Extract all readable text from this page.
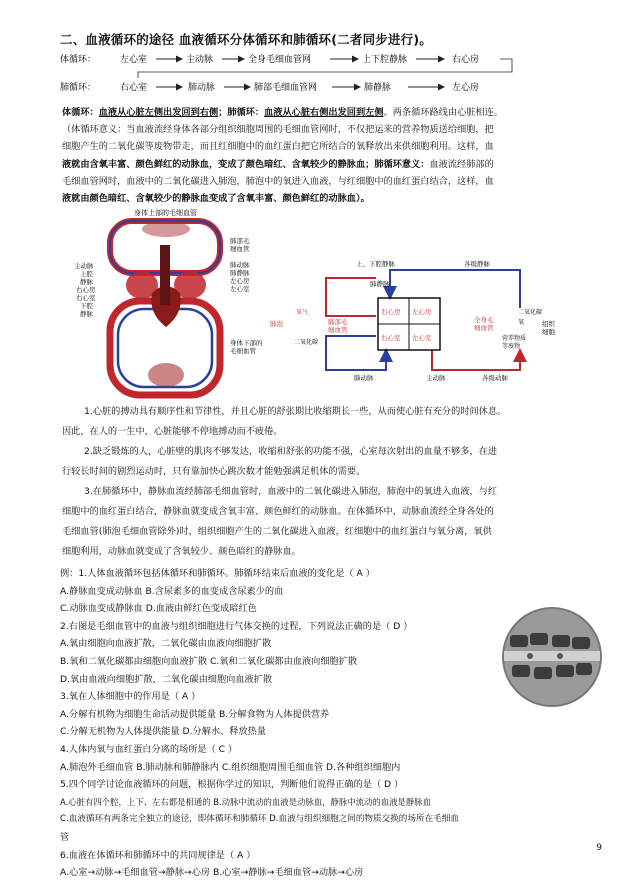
二、血液循环的途径 血液循环分体循环和肺循环(二者同步进行)。
体循环：	左心室	主动脉	全身毛细血管网	上下腔静脉	右心房
肺循环：	右心室	肺动脉	肺部毛细血管网	肺静脉	左心房
体循环：血液从心脏左侧出发回到右侧；肺循环：血液从心脏右侧出发回到左侧。两条循环路线由心脏相连。
（体循环意义：当血液流经身体各部分组织细胞周围的毛细血管网时，不仅把运来的营养物质送给细胞，把
细胞产生的二氧化碳等废物带走，而且红细胞中的血红蛋白把它所结合的氧释放出来供细胞利用。这样，血
液就由含氧丰富、颜色鲜红的动脉血，变成了颜色暗红、含氧较少的静脉血；肺循环意义：血液流经肺部的
毛细血管网时，血液中的二氧化碳进入肺泡，肺泡中的氧进入血液，与红细胞中的血红蛋白结合，这样，血
液就由颜色暗红、含氧较少的静脉血变成了含氧丰富、颜色鲜红的动脉血）。
身体上部的毛细血管
主动脉
上腔
静脉
右心房
右心室
下腔
静脉
肺部毛
细血管
肺动脉
肺静脉
左心房
左心室
身体下部的
毛细血管
上、下腔静脉	各级静脉
肺静脉
肺动脉	主动脉	各级动脉
右心房 左心房
右心室 左心室
肺部毛
细血管
肺泡
氧气
二氧化碳
全身毛
细血管
二氧化碳
氧	组织
细胞
营养物质
等废物
1.心脏的搏动具有顺序性和节律性，并且心脏的舒张期比收缩期长一些，从而使心脏有充分的时间休息。
因此，在人的一生中，心脏能够不停地搏动而不疲倦。
2.缺乏锻炼的人，心脏壁的肌肉不够发达，收缩和舒张的功能不强，心室每次射出的血量不够多，在进
行较长时间的剧烈运动时，只有靠加快心跳次数才能勉强满足机体的需要。
3.在肺循环中，静脉血流经肺部毛细血管时，血液中的二氧化碳进入肺泡，肺泡中的氧进入血液，与红
细胞中的血红蛋白结合，静脉血就变成含氧丰富、颜色鲜红的动脉血。在体循环中，动脉血流经全身各处的
毛细血管(肺泡毛细血管除外)时，组织细胞产生的二氧化碳进入血液，红细胞中的血红蛋白与氧分离，氧供
细胞利用，动脉血就变成了含氧较少、颜色暗红的静脉血。
例：1.人体血液循环包括体循环和肺循环。肺循环结束后血液的变化是（ A ）
A.静脉血变成动脉血 B.含尿素多的血变成含尿素少的血
C.动脉血变成静脉血 D.血液由鲜红色变成暗红色
2.右图是毛细血管中的血液与组织细胞进行气体交换的过程，下列说法正确的是（ D ）
A.氧由细胞向血液扩散，二氧化碳由血液向细胞扩散
B.氧和二氧化碳都由细胞向血液扩散 C.氧和二氧化碳都由血液向细胞扩散
D.氧由血液向细胞扩散，二氧化碳由细胞向血液扩散
3.氧在人体细胞中的作用是（ A ）
A.分解有机物为细胞生命活动提供能量 B.分解食物为人体提供营养
C.分解无机物为人体提供能量 D.分解水、释放热量
4.人体内氧与血红蛋白分离的场所是（ C ）
A.肺泡外毛细血管 B.肺动脉和肺静脉内 C.组织细胞周围毛细血管 D.各种组织细胞内
5.四个同学讨论血液循环的问题，根据你学过的知识，判断他们说得正确的是（ D ）
A.心脏有四个腔，上下、左右都是相通的 B.动脉中流动的血液是动脉血，静脉中流动的血液是静脉血
C.血液循环有两条完全独立的途径，即体循环和肺循环 D.血液与组织细胞之间的物质交换的场所在毛细血
管
6.血液在体循环和肺循环中的共同规律是（ A ）
A.心室→动脉→毛细血管→静脉→心房 B.心室→静脉→毛细血管→动脉→心房
9
